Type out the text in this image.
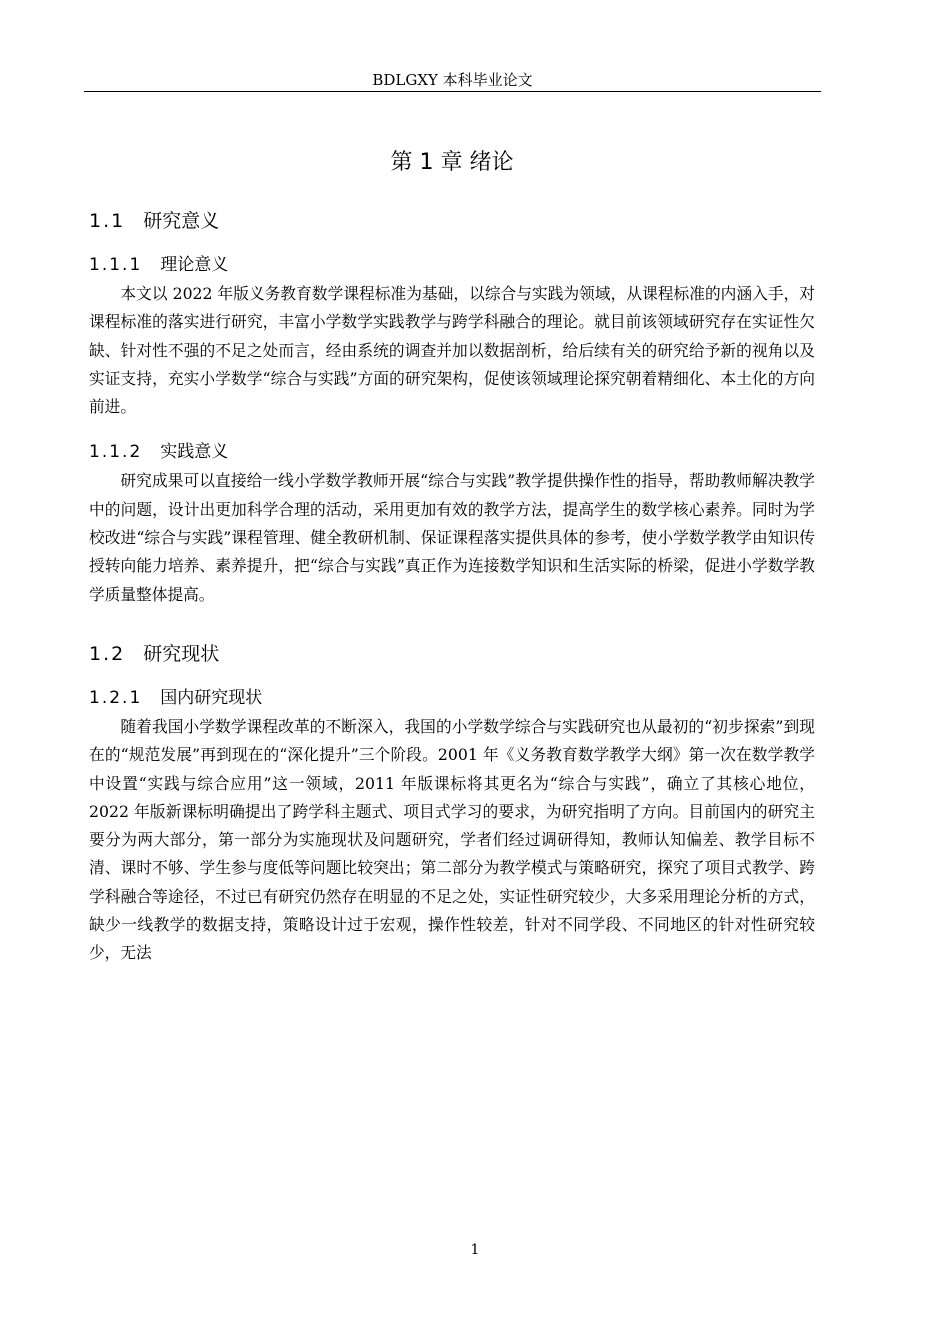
BDLGXY 本科毕业论文
第 1 章 绪论
1.1 研究意义
1.1.1 理论意义

本文以 2022 年版义务教育数学课程标准为基础，以综合与实践为领域，从课程标准的内涵入手，对课程标准的落实进行研究，丰富小学数学实践教学与跨学科融合的理论。就目前该领域研究存在实证性欠缺、针对性不强的不足之处而言，经由系统的调查并加以数据剖析，给后续有关的研究给予新的视角以及实证支持，充实小学数学“综合与实践”方面的研究架构，促使该领域理论探究朝着精细化、本土化的方向前进。

1.1.2 实践意义

研究成果可以直接给一线小学数学教师开展“综合与实践”教学提供操作性的指导，帮助教师解决教学中的问题，设计出更加科学合理的活动，采用更加有效的教学方法，提高学生的数学核心素养。同时为学校改进“综合与实践”课程管理、健全教研机制、保证课程落实提供具体的参考，使小学数学教学由知识传授转向能力培养、素养提升，把“综合与实践”真正作为连接数学知识和生活实际的桥梁，促进小学数学教学质量整体提高。

1.2 研究现状
1.2.1 国内研究现状

随着我国小学数学课程改革的不断深入，我国的小学数学综合与实践研究也从最初的“初步探索”到现在的“规范发展”再到现在的“深化提升”三个阶段。2001 年《义务教育数学教学大纲》第一次在数学教学中设置“实践与综合应用”这一领域，2011 年版课标将其更名为“综合与实践”，确立了其核心地位，2022 年版新课标明确提出了跨学科主题式、项目式学习的要求，为研究指明了方向。目前国内的研究主要分为两大部分，第一部分为实施现状及问题研究，学者们经过调研得知，教师认知偏差、教学目标不清、课时不够、学生参与度低等问题比较突出；第二部分为教学模式与策略研究，探究了项目式教学、跨学科融合等途径，不过已有研究仍然存在明显的不足之处，实证性研究较少，大多采用理论分析的方式，缺少一线教学的数据支持，策略设计过于宏观，操作性较差，针对不同学段、不同地区的针对性研究较少，无法

1
